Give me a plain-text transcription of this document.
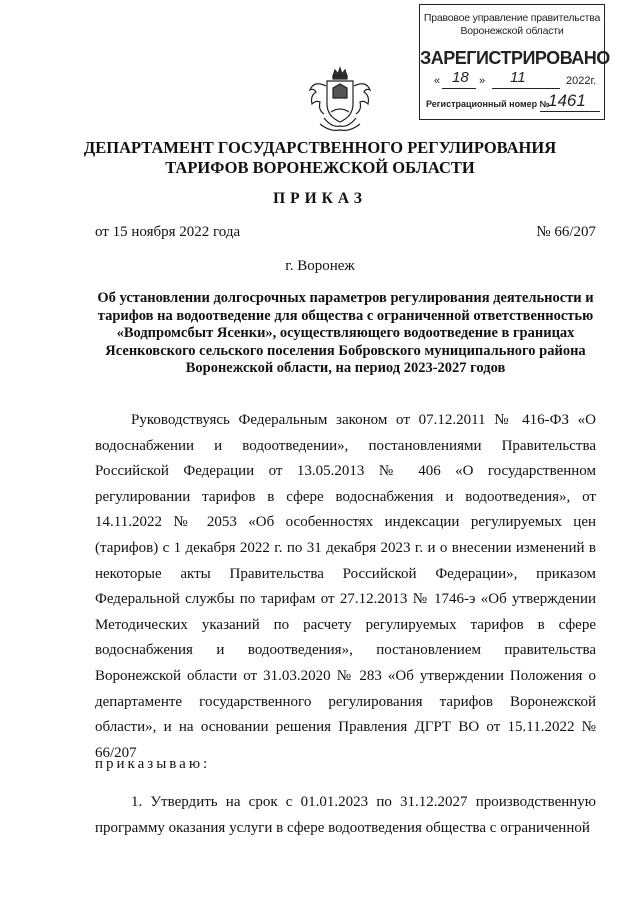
Правовое управление правительства Воронежской области
ЗАРЕГИСТРИРОВАНО
« 18 » 11	2022г.
Регистрационный номер №
1461
ДЕПАРТАМЕНТ ГОСУДАРСТВЕННОГО РЕГУЛИРОВАНИЯ ТАРИФОВ ВОРОНЕЖСКОЙ ОБЛАСТИ
ПРИКАЗ
от 15 ноября 2022 года	№ 66/207
г. Воронеж
Об установлении долгосрочных параметров регулирования деятельности и тарифов на водоотведение для общества с ограниченной ответственностью «Водпромсбыт Ясенки», осуществляющего водоотведение в границах Ясенковского сельского поселения Бобровского муниципального района Воронежской области, на период 2023-2027 годов

Руководствуясь Федеральным законом от 07.12.2011 № 416-ФЗ «О водоснабжении и водоотведении», постановлениями Правительства Российской Федерации от 13.05.2013 № 406 «О государственном регулировании тарифов в сфере водоснабжения и водоотведения», от 14.11.2022 № 2053 «Об особенностях индексации регулируемых цен (тарифов) с 1 декабря 2022 г. по 31 декабря 2023 г. и о внесении изменений в некоторые акты Правительства Российской Федерации», приказом Федеральной службы по тарифам от 27.12.2013 № 1746-э «Об утверждении Методических указаний по расчету регулируемых тарифов в сфере водоснабжения и водоотведения», постановлением правительства Воронежской области от 31.03.2020 № 283 «Об утверждении Положения о департаменте государственного регулирования тарифов Воронежской области», и на основании решения Правления ДГРТ ВО от 15.11.2022 № 66/207

приказываю:

1. Утвердить на срок с 01.01.2023 по 31.12.2027 производственную программу оказания услуги в сфере водоотведения общества с ограниченной
